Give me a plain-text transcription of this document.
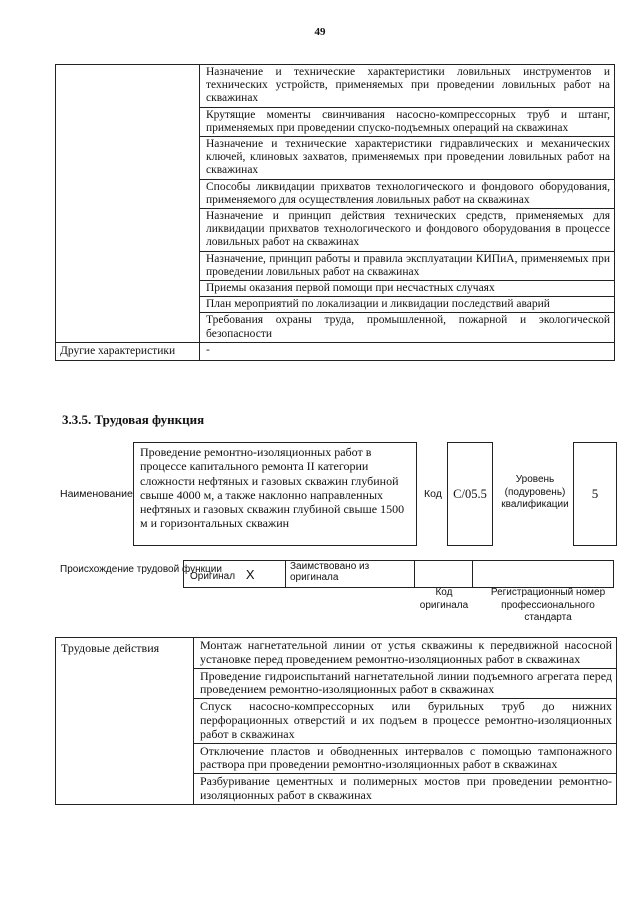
49
	Назначение и технические характеристики ловильных инструментов и технических устройств, применяемых при проведении ловильных работ на скважинах
	Крутящие моменты свинчивания насосно-компрессорных труб и штанг, применяемых при проведении спуско-подъемных операций на скважинах
	Назначение и технические характеристики гидравлических и механических ключей, клиновых захватов, применяемых при проведении ловильных работ на скважинах
	Способы ликвидации прихватов технологического и фондового оборудования, применяемого для осуществления ловильных работ на скважинах
	Назначение и принцип действия технических средств, применяемых для ликвидации прихватов технологического и фондового оборудования в процессе ловильных работ на скважинах
	Назначение, принцип работы и правила эксплуатации КИПиА, применяемых при проведении ловильных работ на скважинах
	Приемы оказания первой помощи при несчастных случаях
	План мероприятий по локализации и ликвидации последствий аварий
	Требования охраны труда, промышленной, пожарной и экологической безопасности
Другие характеристики	-
3.3.5. Трудовая функция
Наименование
Проведение ремонтно-изоляционных работ в процессе капитального ремонта II категории сложности нефтяных и газовых скважин глубиной свыше 4000 м, а также наклонно направленных нефтяных и газовых скважин глубиной свыше 1500 м и горизонтальных скважин
Код C/05.5
Уровень (подуровень) квалификации
5
Происхождение трудовой функции
Оригинал X	Заимствовано из оригинала		
Код оригинала
Регистрационный номер профессионального стандарта
Трудовые действия	Монтаж нагнетательной линии от устья скважины к передвижной насосной установке перед проведением ремонтно-изоляционных работ в скважинах
Проведение гидроиспытаний нагнетательной линии подъемного агрегата перед проведением ремонтно-изоляционных работ в скважинах
Спуск насосно-компрессорных или бурильных труб до нижних перфорационных отверстий и их подъем в процессе ремонтно-изоляционных работ в скважинах
Отключение пластов и обводненных интервалов с помощью тампонажного раствора при проведении ремонтно-изоляционных работ в скважинах
Разбуривание цементных и полимерных мостов при проведении ремонтно-изоляционных работ в скважинах
